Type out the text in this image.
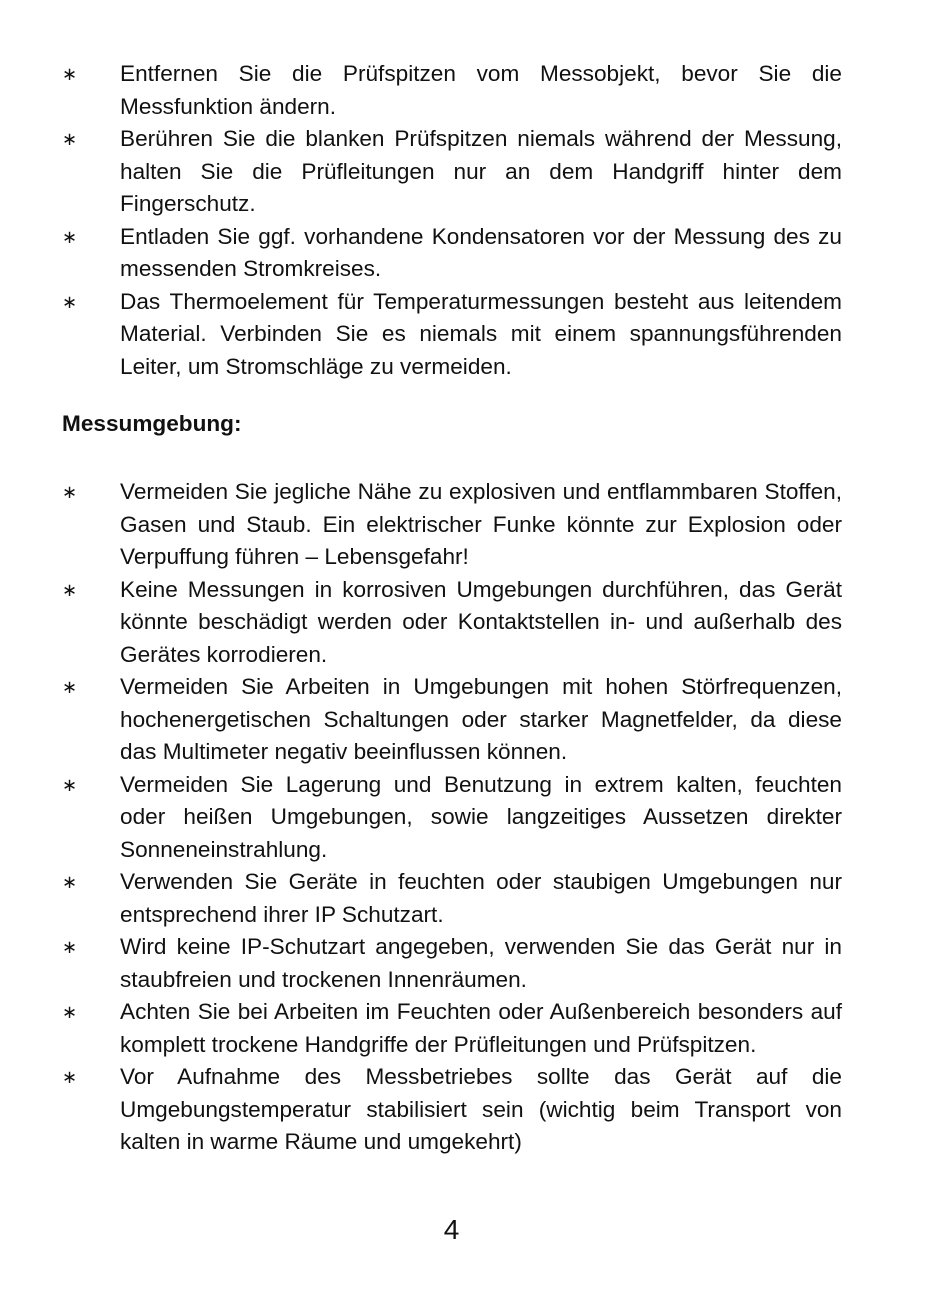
∗ Entfernen Sie die Prüfspitzen vom Messobjekt, bevor Sie die Messfunktion ändern.
∗ Berühren Sie die blanken Prüfspitzen niemals während der Messung, halten Sie die Prüfleitungen nur an dem Handgriff hinter dem Fingerschutz.
∗ Entladen Sie ggf. vorhandene Kondensatoren vor der Messung des zu messenden Stromkreises.
∗ Das Thermoelement für Temperaturmessungen besteht aus leitendem Material. Verbinden Sie es niemals mit einem spannungsführenden Leiter, um Stromschläge zu vermeiden.
Messumgebung:
∗ Vermeiden Sie jegliche Nähe zu explosiven und entflammbaren Stoffen, Gasen und Staub. Ein elektrischer Funke könnte zur Explosion oder Verpuffung führen – Lebensgefahr!
∗ Keine Messungen in korrosiven Umgebungen durchführen, das Gerät könnte beschädigt werden oder Kontaktstellen in- und außerhalb des Gerätes korrodieren.
∗ Vermeiden Sie Arbeiten in Umgebungen mit hohen Störfrequenzen, hochenergetischen Schaltungen oder starker Magnetfelder, da diese das Multimeter negativ beeinflussen können.
∗ Vermeiden Sie Lagerung und Benutzung in extrem kalten, feuchten oder heißen Umgebungen, sowie langzeitiges Aussetzen direkter Sonneneinstrahlung.
∗ Verwenden Sie Geräte in feuchten oder staubigen Umgebungen nur entsprechend ihrer IP Schutzart.
∗ Wird keine IP-Schutzart angegeben, verwenden Sie das Gerät nur in staubfreien und trockenen Innenräumen.
∗ Achten Sie bei Arbeiten im Feuchten oder Außenbereich besonders auf komplett trockene Handgriffe der Prüfleitungen und Prüfspitzen.
∗ Vor Aufnahme des Messbetriebes sollte das Gerät auf die Umgebungstemperatur stabilisiert sein (wichtig beim Transport von kalten in warme Räume und umgekehrt)
4
